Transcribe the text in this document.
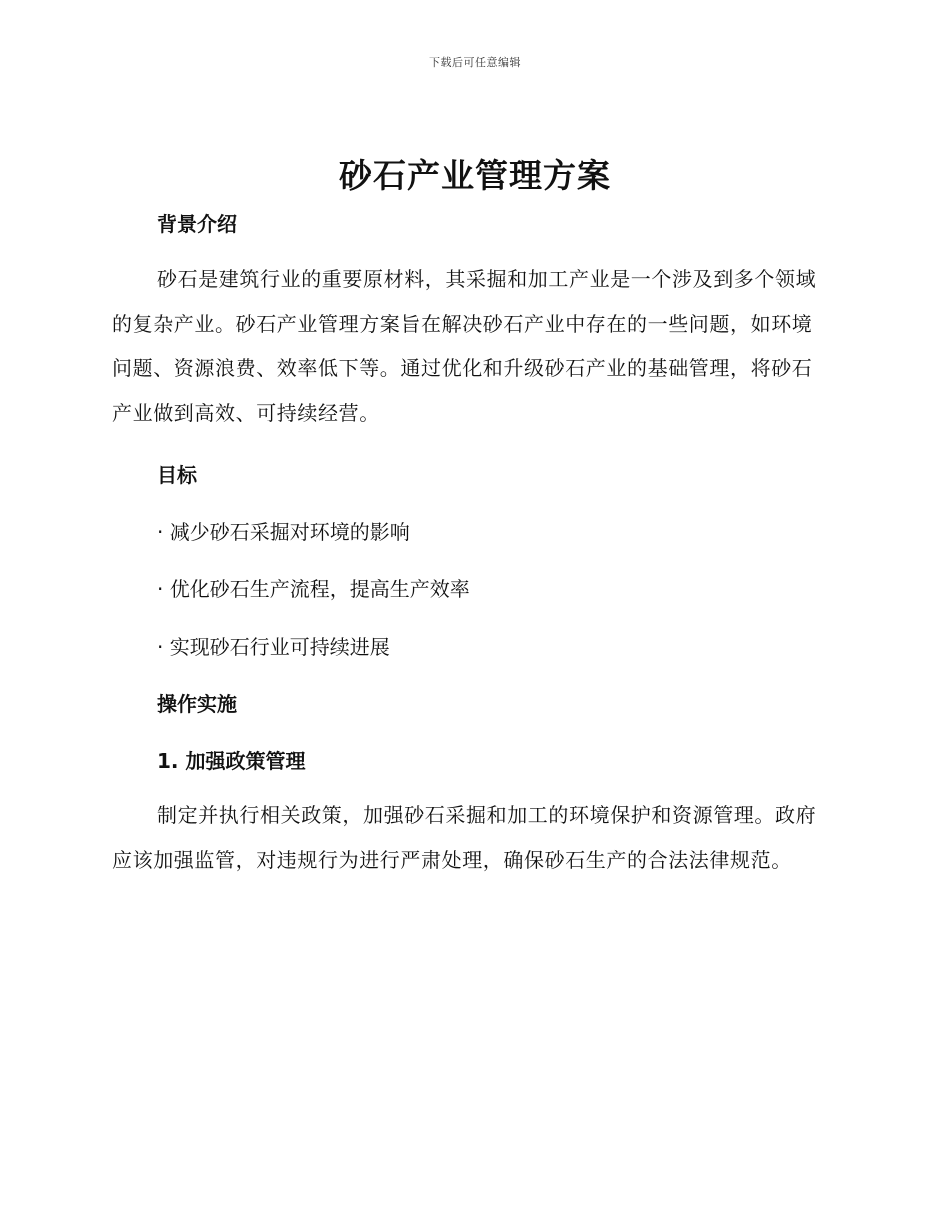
下载后可任意编辑
砂石产业管理方案
背景介绍
砂石是建筑行业的重要原材料，其采掘和加工产业是一个涉及到多个领域的复杂产业。砂石产业管理方案旨在解决砂石产业中存在的一些问题，如环境问题、资源浪费、效率低下等。通过优化和升级砂石产业的基础管理，将砂石产业做到高效、可持续经营。
目标
· 减少砂石采掘对环境的影响
· 优化砂石生产流程，提高生产效率
· 实现砂石行业可持续进展
操作实施
1. 加强政策管理
制定并执行相关政策，加强砂石采掘和加工的环境保护和资源管理。政府应该加强监管，对违规行为进行严肃处理，确保砂石生产的合法法律规范。
